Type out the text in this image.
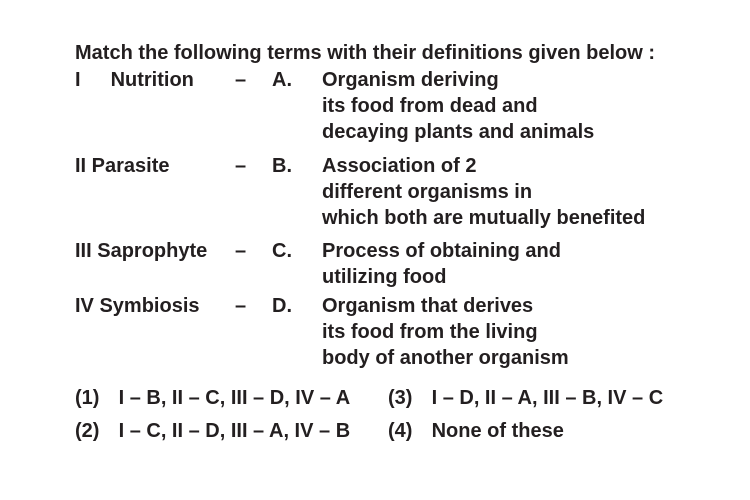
Match the following terms with their definitions given below :
I Nutrition – A. Organism deriving
its food from dead and
decaying plants and animals
II Parasite	– B. Association of 2
different organisms in
which both are mutually benefited
III Saprophyte – C. Process of obtaining and
utilizing food
IV Symbiosis – D. Organism that derives
its food from the living
body of another organism
(1) I – B, II – C, III – D, IV – A (3) I – D, II – A, III – B, IV – C
(2) I – C, II – D, III – A, IV – B (4) None of these
